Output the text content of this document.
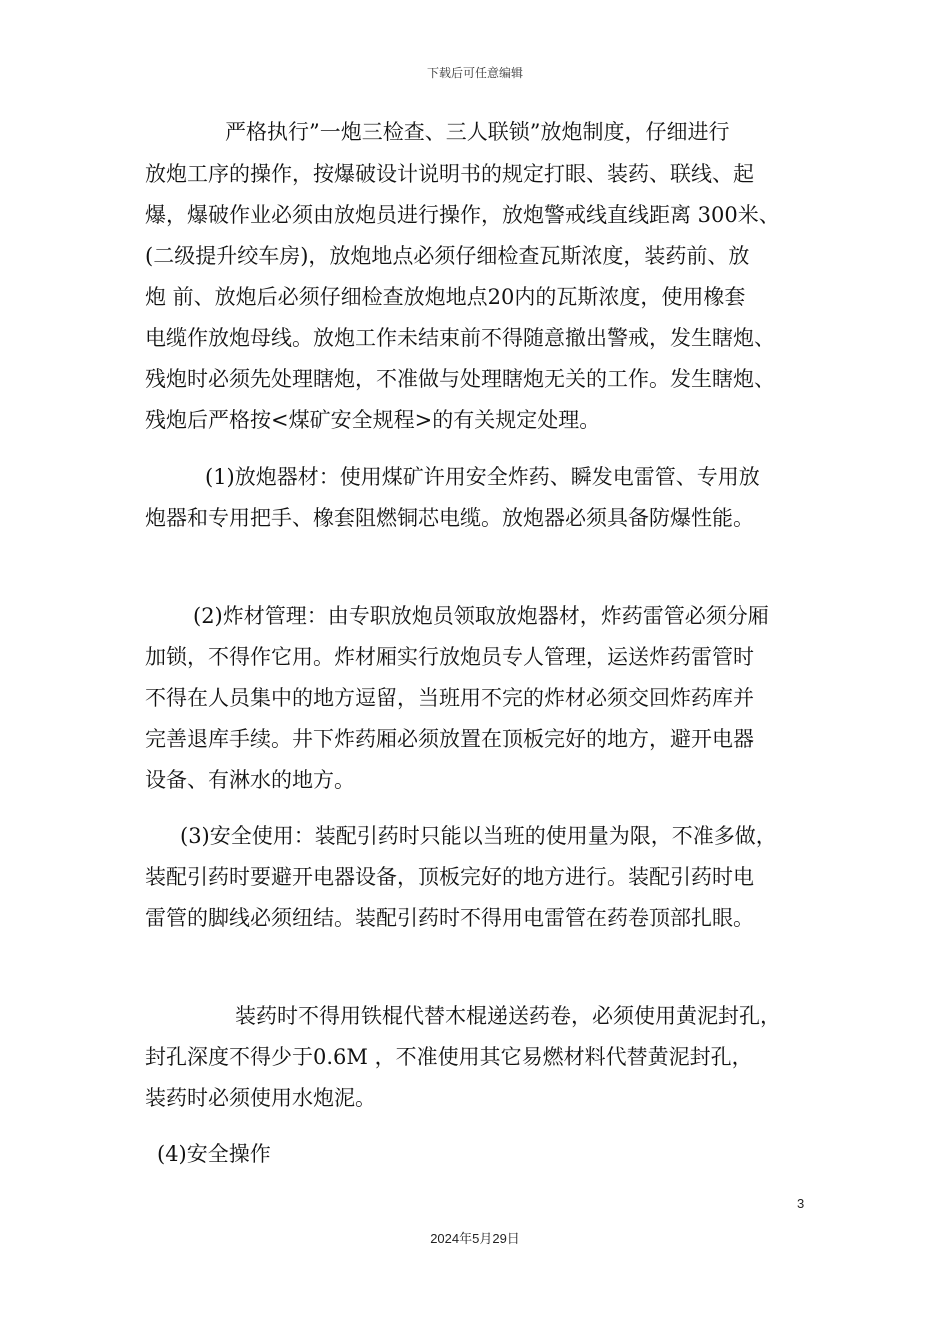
下载后可任意编辑
严格执行”一炮三检查、三人联锁”放炮制度，仔细进行
放炮工序的操作，按爆破设计说明书的规定打眼、装药、联线、起
爆，爆破作业必须由放炮员进行操作，放炮警戒线直线距离 300米、
(二级提升绞车房)，放炮地点必须仔细检查瓦斯浓度，装药前、放
炮 前、放炮后必须仔细检查放炮地点20内的瓦斯浓度，使用橡套
电缆作放炮母线。放炮工作未结束前不得随意撤出警戒，发生瞎炮、
残炮时必须先处理瞎炮，不准做与处理瞎炮无关的工作。发生瞎炮、
残炮后严格按<煤矿安全规程>的有关规定处理。
(1)放炮器材：使用煤矿许用安全炸药、瞬发电雷管、专用放
炮器和专用把手、橡套阻燃铜芯电缆。放炮器必须具备防爆性能。
(2)炸材管理：由专职放炮员领取放炮器材，炸药雷管必须分厢
加锁，不得作它用。炸材厢实行放炮员专人管理，运送炸药雷管时
不得在人员集中的地方逗留，当班用不完的炸材必须交回炸药库并
完善退库手续。井下炸药厢必须放置在顶板完好的地方，避开电器
设备、有淋水的地方。
(3)安全使用：装配引药时只能以当班的使用量为限，不准多做，
装配引药时要避开电器设备，顶板完好的地方进行。装配引药时电
雷管的脚线必须纽结。装配引药时不得用电雷管在药卷顶部扎眼。
装药时不得用铁棍代替木棍递送药卷，必须使用黄泥封孔，
封孔深度不得少于0.6M ，不准使用其它易燃材料代替黄泥封孔，
装药时必须使用水炮泥。
(4)安全操作
3
2024年5月29日
